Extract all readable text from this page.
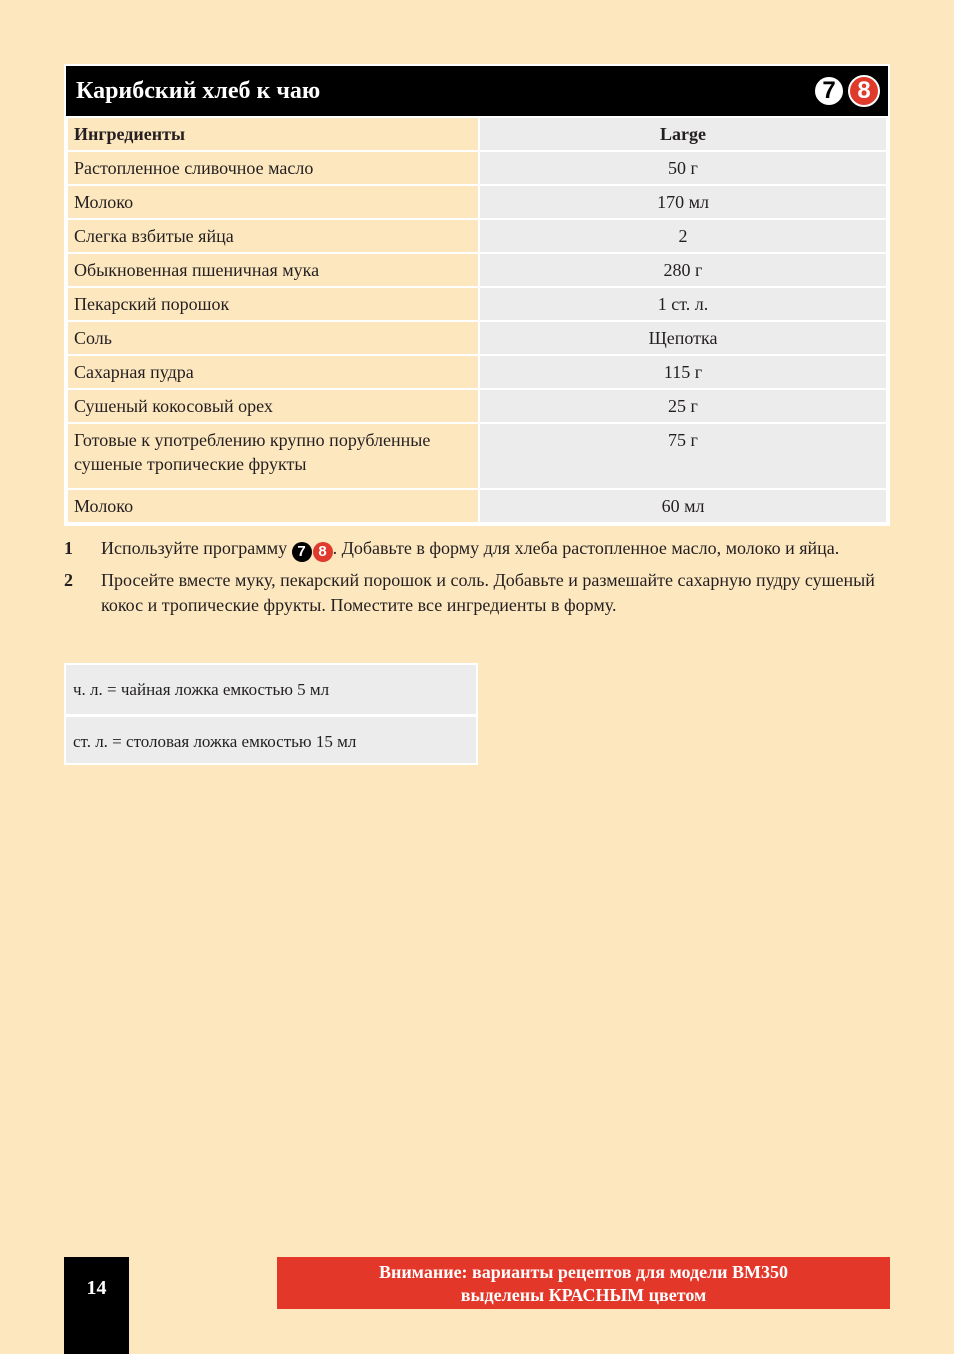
Карибский хлеб к чаю	7 8
Ингредиенты	Large
Растопленное сливочное масло	50 г
Молоко	170 мл
Слегка взбитые яйца	2
Обыкновенная пшеничная мука	280 г
Пекарский порошок	1 ст. л.
Соль	Щепотка
Сахарная пудра	115 г
Сушеный кокосовый орех	25 г
Готовые к употреблению крупно порубленные сушеные тропические фрукты	75 г
Молоко	60 мл
1	Используйте программу 7 8 . Добавьте в форму для хлеба растопленное масло, молоко и яйца.
2	Просейте вместе муку, пекарский порошок и соль. Добавьте и размешайте сахарную пудру сушеный кокос и тропические фрукты. Поместите все ингредиенты в форму.
ч. л. = чайная ложка емкостью 5 мл
ст. л. = столовая ложка емкостью 15 мл
14
Внимание: варианты рецептов для модели BM350
выделены КРАСНЫМ цветом
